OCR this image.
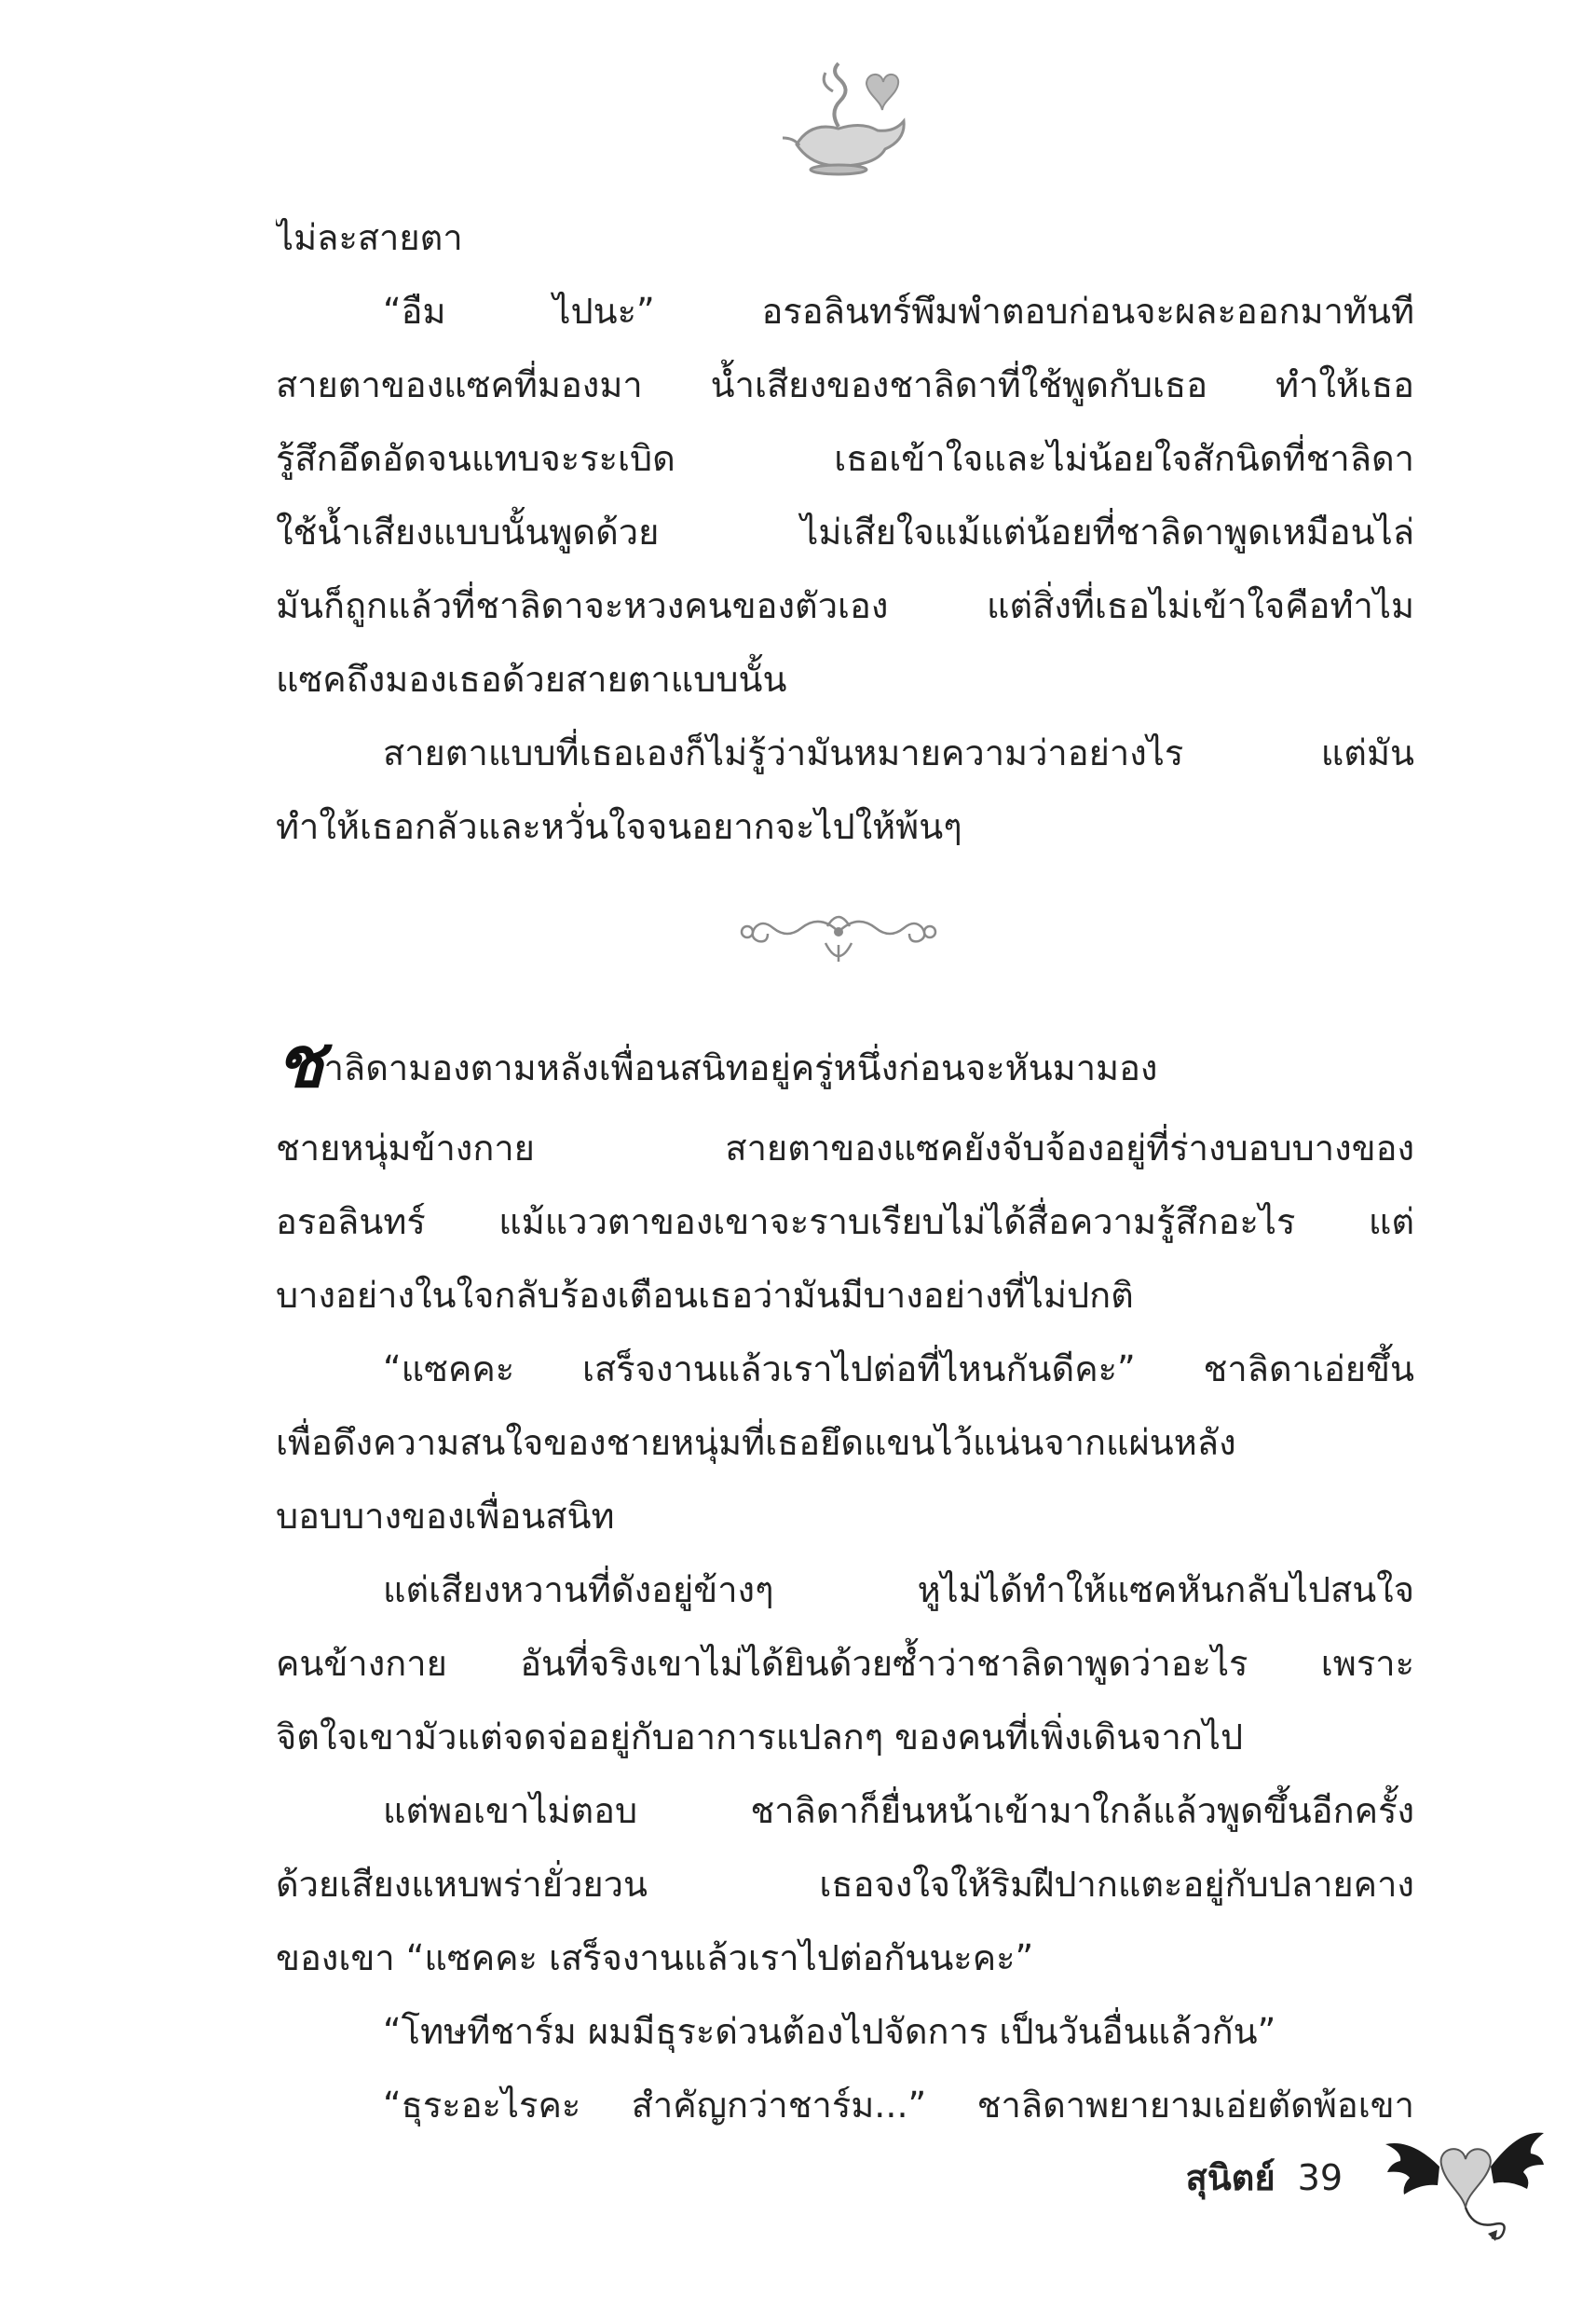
ไม่ละสายตา
“อืม ไปนะ” อรอลินทร์พึมพำตอบก่อนจะผละออกมาทันที
สายตาของแซคที่มองมา น้ำเสียงของชาลิดาที่ใช้พูดกับเธอ ทำให้เธอ
รู้สึกอึดอัดจนแทบจะระเบิด เธอเข้าใจและไม่น้อยใจสักนิดที่ชาลิดา
ใช้น้ำเสียงแบบนั้นพูดด้วย ไม่เสียใจแม้แต่น้อยที่ชาลิดาพูดเหมือนไล่
มันก็ถูกแล้วที่ชาลิดาจะหวงคนของตัวเอง แต่สิ่งที่เธอไม่เข้าใจคือทำไม
แซคถึงมองเธอด้วยสายตาแบบนั้น
สายตาแบบที่เธอเองก็ไม่รู้ว่ามันหมายความว่าอย่างไร แต่มัน
ทำให้เธอกลัวและหวั่นใจจนอยากจะไปให้พ้นๆ
ชาลิดามองตามหลังเพื่อนสนิทอยู่ครู่หนึ่งก่อนจะหันมามอง
ชายหนุ่มข้างกาย สายตาของแซคยังจับจ้องอยู่ที่ร่างบอบบางของ
อรอลินทร์ แม้แววตาของเขาจะราบเรียบไม่ได้สื่อความรู้สึกอะไร แต่
บางอย่างในใจกลับร้องเตือนเธอว่ามันมีบางอย่างที่ไม่ปกติ
“แซคคะ เสร็จงานแล้วเราไปต่อที่ไหนกันดีคะ” ชาลิดาเอ่ยขึ้น
เพื่อดึงความสนใจของชายหนุ่มที่เธอยึดแขนไว้แน่นจากแผ่นหลัง
บอบบางของเพื่อนสนิท
แต่เสียงหวานที่ดังอยู่ข้างๆ หูไม่ได้ทำให้แซคหันกลับไปสนใจ
คนข้างกาย อันที่จริงเขาไม่ได้ยินด้วยซ้ำว่าชาลิดาพูดว่าอะไร เพราะ
จิตใจเขามัวแต่จดจ่ออยู่กับอาการแปลกๆ ของคนที่เพิ่งเดินจากไป
แต่พอเขาไม่ตอบ ชาลิดาก็ยื่นหน้าเข้ามาใกล้แล้วพูดขึ้นอีกครั้ง
ด้วยเสียงแหบพร่ายั่วยวน เธอจงใจให้ริมฝีปากแตะอยู่กับปลายคาง
ของเขา “แซคคะ เสร็จงานแล้วเราไปต่อกันนะคะ”
“โทษทีชาร์ม ผมมีธุระด่วนต้องไปจัดการ เป็นวันอื่นแล้วกัน”
“ธุระอะไรคะ สำคัญกว่าชาร์ม...” ชาลิดาพยายามเอ่ยตัดพ้อเขา
สุนิตย์ 39
